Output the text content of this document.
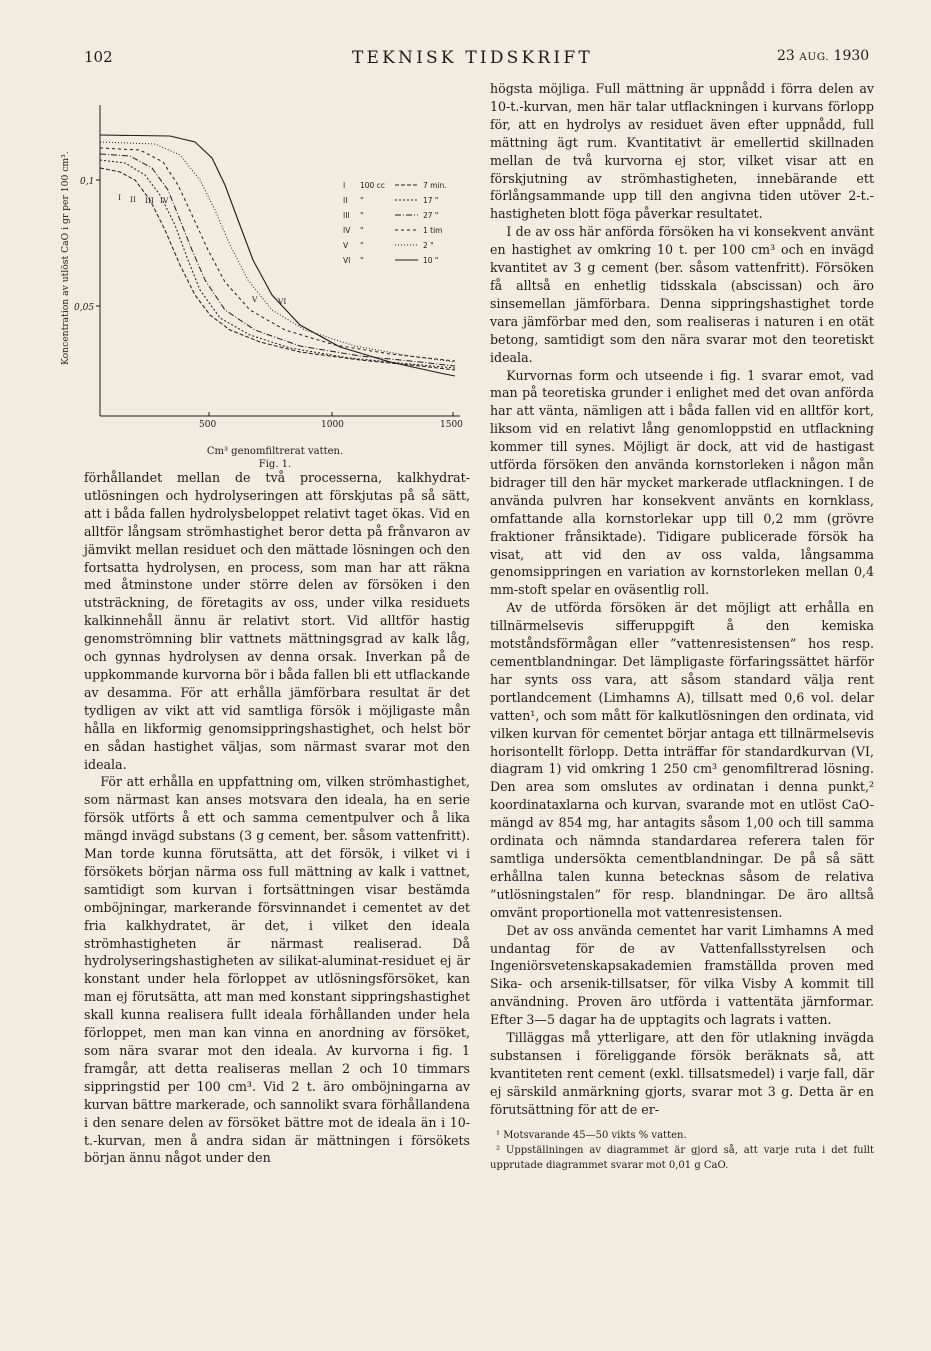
102	TEKNISK TIDSKRIFT	23 AUG. 1930
Koncentration av utlöst CaO i gr per 100 cm³. 0,1
0,05
500	1000	1500
I II III IV
V	VI
I 100 cc	7 min.
II "	17 "
III "	27 "
IV "	1 tim
V "	2 "
VI "	10 "
Cm³ genomfiltrerat vatten.
Fig. 1.

förhållandet mellan de två processerna, kalkhydrat-utlösningen och hydrolyseringen att förskjutas på så sätt, att i båda fallen hydrolysbeloppet relativt taget ökas. Vid en alltför långsam strömhastighet beror detta på frånvaron av jämvikt mellan residuet och den mättade lösningen och den fortsatta hydrolysen, en process, som man har att räkna med åtminstone under större delen av försöken i den utsträckning, de företagits av oss, under vilka residuets kalkinnehåll ännu är relativt stort. Vid alltför hastig genomströmning blir vattnets mättningsgrad av kalk låg, och gynnas hydrolysen av denna orsak. Inverkan på de uppkommande kurvorna bör i båda fallen bli ett utflackande av desamma. För att erhålla jämförbara resultat är det tydligen av vikt att vid samtliga försök i möjligaste mån hålla en likformig genomsippringshastighet, och helst bör en sådan hastighet väljas, som närmast svarar mot den ideala.

För att erhålla en uppfattning om, vilken strömhastighet, som närmast kan anses motsvara den ideala, ha en serie försök utförts å ett och samma cementpulver och å lika mängd invägd substans (3 g cement, ber. såsom vattenfritt). Man torde kunna förutsätta, att det försök, i vilket vi i försökets början närma oss full mättning av kalk i vattnet, samtidigt som kurvan i fortsättningen visar bestämda omböjningar, markerande försvinnandet i cementet av det fria kalkhydratet, är det, i vilket den ideala strömhastigheten är närmast realiserad. Då hydrolyseringshastigheten av silikat-aluminat-residuet ej är konstant under hela förloppet av utlösningsförsöket, kan man ej förutsätta, att man med konstant sippringshastighet skall kunna realisera fullt ideala förhållanden under hela förloppet, men man kan vinna en anordning av försöket, som nära svarar mot den ideala. Av kurvorna i fig. 1 framgår, att detta realiseras mellan 2 och 10 timmars sippringstid per 100 cm³. Vid 2 t. äro omböjningarna av kurvan bättre markerade, och sannolikt svara förhållandena i den senare delen av försöket bättre mot de ideala än i 10-t.-kurvan, men å andra sidan är mättningen i försökets början ännu något under den

högsta möjliga. Full mättning är uppnådd i förra delen av 10-t.-kurvan, men här talar utflackningen i kurvans förlopp för, att en hydrolys av residuet även efter uppnådd, full mättning ägt rum. Kvantitativt är emellertid skillnaden mellan de två kurvorna ej stor, vilket visar att en förskjutning av strömhastigheten, innebärande ett förlångsammande upp till den angivna tiden utöver 2-t.-hastigheten blott föga påverkar resultatet.

I de av oss här anförda försöken ha vi konsekvent använt en hastighet av omkring 10 t. per 100 cm³ och en invägd kvantitet av 3 g cement (ber. såsom vattenfritt). Försöken få alltså en enhetlig tidsskala (abscissan) och äro sinsemellan jämförbara. Denna sippringshastighet torde vara jämförbar med den, som realiseras i naturen i en otät betong, samtidigt som den nära svarar mot den teoretiskt ideala.

Kurvornas form och utseende i fig. 1 svarar emot, vad man på teoretiska grunder i enlighet med det ovan anförda har att vänta, nämligen att i båda fallen vid en alltför kort, liksom vid en relativt lång genomloppstid en utflackning kommer till synes. Möjligt är dock, att vid de hastigast utförda försöken den använda kornstorleken i någon mån bidrager till den här mycket markerade utflackningen. I de använda pulvren har konsekvent använts en kornklass, omfattande alla kornstorlekar upp till 0,2 mm (grövre fraktioner frånsiktade). Tidigare publicerade försök ha visat, att vid den av oss valda, långsamma genomsippringen en variation av kornstorleken mellan 0,4 mm-stoft spelar en oväsentlig roll.

Av de utförda försöken är det möjligt att erhålla en tillnärmelsevis sifferuppgift å den kemiska motståndsförmågan eller ”vattenresistensen” hos resp. cementblandningar. Det lämpligaste förfaringssättet härför har synts oss vara, att såsom standard välja rent portlandcement (Limhamns A), tillsatt med 0,6 vol. delar vatten¹, och som mått för kalkutlösningen den ordinata, vid vilken kurvan för cementet börjar antaga ett tillnärmelsevis horisontellt förlopp. Detta inträffar för standardkurvan (VI, diagram 1) vid omkring 1 250 cm³ genomfiltrerad lösning. Den area som omslutes av ordinatan i denna punkt,² koordinataxlarna och kurvan, svarande mot en utlöst CaO-mängd av 854 mg, har antagits såsom 1,00 och till samma ordinata och nämnda standardarea referera talen för samtliga undersökta cementblandningar. De på så sätt erhållna talen kunna betecknas såsom de relativa ”utlösningstalen” för resp. blandningar. De äro alltså omvänt proportionella mot vattenresistensen.

Det av oss använda cementet har varit Limhamns A med undantag för de av Vattenfallsstyrelsen och Ingeniörsvetenskapsakademien framställda proven med Sika- och arsenik-tillsatser, för vilka Visby A kommit till användning. Proven äro utförda i vattentäta järnformar. Efter 3—5 dagar ha de upptagits och lagrats i vatten.

Tilläggas må ytterligare, att den för utlakning invägda substansen i föreliggande försök beräknats så, att kvantiteten rent cement (exkl. tillsatsmedel) i varje fall, där ej särskild anmärkning gjorts, svarar mot 3 g. Detta är en förutsättning för att de er-

¹ Motsvarande 45—50 vikts % vatten.

² Uppställningen av diagrammet är gjord så, att varje ruta i det fullt upprutade diagrammet svarar mot 0,01 g CaO.
